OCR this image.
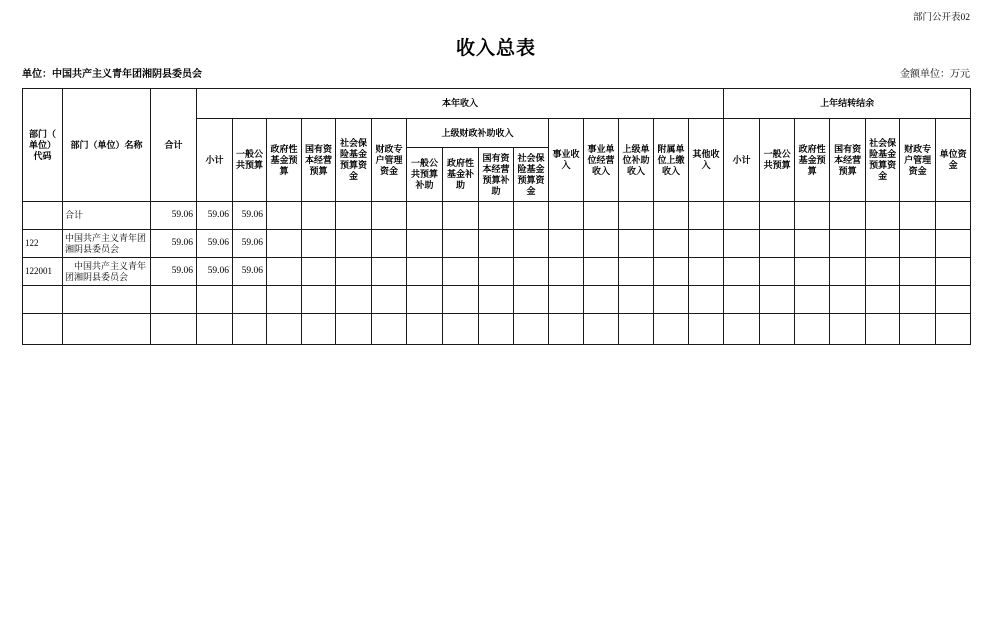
部门公开表02
收入总表
单位：中国共产主义青年团湘阴县委员会	金额单位：万元
部门（单位）代码	部门（单位）名称	合计	本年收入															上年结转结余						
			小计	一般公共预算	政府性基金预算	国有资本经营预算	社会保险基金预算资金	财政专户管理资金	上级财政补助收入				事业收入	事业单位经营收入	上级单位补助收入	附属单位上缴收入	其他收入	小计	一般公共预算	政府性基金预算	国有资本经营预算	社会保险基金预算资金	财政专户管理资金	单位资金
									一般公共预算补助	政府性基金补助	国有资本经营预算补助	社会保险基金预算资金												
	合计	59.06	59.06	59.06																				
122	中国共产主义青年团湘阴县委员会	59.06	59.06	59.06																				
122001	　中国共产主义青年团湘阴县委员会	59.06	59.06	59.06																				
